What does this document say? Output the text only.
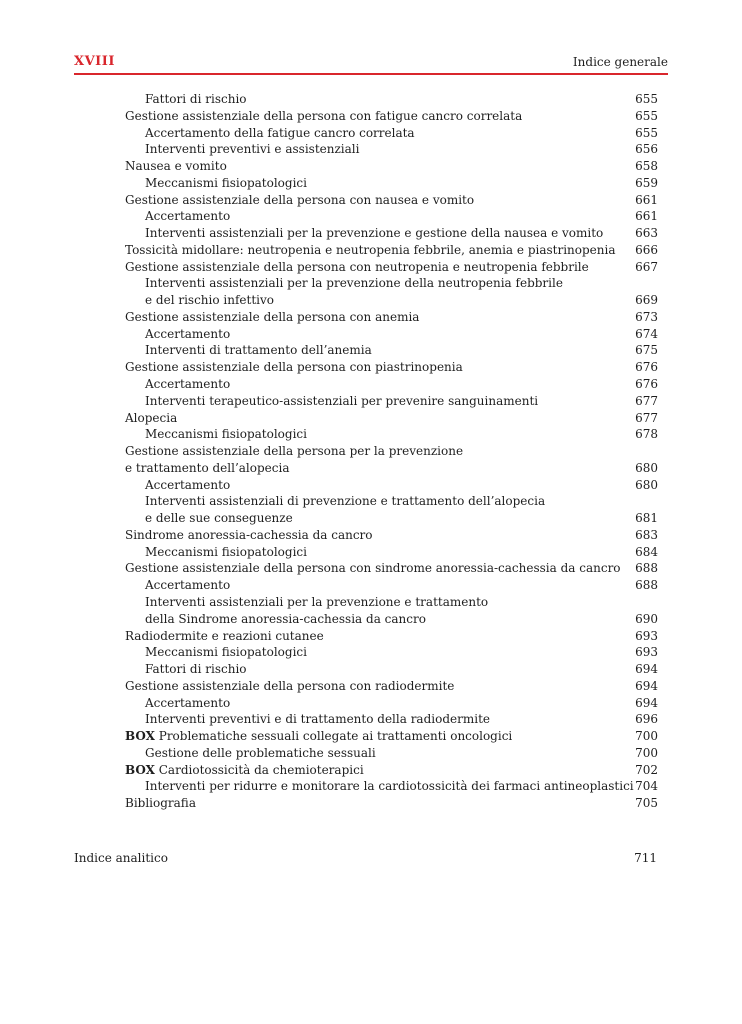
XVIII	Indice generale
Fattori di rischio	655
Gestione assistenziale della persona con fatigue cancro correlata	655
Accertamento della fatigue cancro correlata	655
Interventi preventivi e assistenziali	656
Nausea e vomito	658
Meccanismi fisiopatologici	659
Gestione assistenziale della persona con nausea e vomito	661
Accertamento	661
Interventi assistenziali per la prevenzione e gestione della nausea e vomito	663
Tossicità midollare: neutropenia e neutropenia febbrile, anemia e piastrinopenia 666
Gestione assistenziale della persona con neutropenia e neutropenia febbrile	667
Interventi assistenziali per la prevenzione della neutropenia febbrile
e del rischio infettivo	669
Gestione assistenziale della persona con anemia	673
Accertamento	674
Interventi di trattamento dell’anemia	675
Gestione assistenziale della persona con piastrinopenia	676
Accertamento	676
Interventi terapeutico-assistenziali per prevenire sanguinamenti	677
Alopecia	677
Meccanismi fisiopatologici	678
Gestione assistenziale della persona per la prevenzione
e trattamento dell’alopecia	680
Accertamento	680
Interventi assistenziali di prevenzione e trattamento dell’alopecia
e delle sue conseguenze	681
Sindrome anoressia-cachessia da cancro	683
Meccanismi fisiopatologici	684
Gestione assistenziale della persona con sindrome anoressia-cachessia da cancro 688
Accertamento	688
Interventi assistenziali per la prevenzione e trattamento
della Sindrome anoressia-cachessia da cancro	690
Radiodermite e reazioni cutanee	693
Meccanismi fisiopatologici	693
Fattori di rischio	694
Gestione assistenziale della persona con radiodermite	694
Accertamento	694
Interventi preventivi e di trattamento della radiodermite	696
BOX Problematiche sessuali collegate ai trattamenti oncologici	700
Gestione delle problematiche sessuali	700
BOX Cardiotossicità da chemioterapici	702
Interventi per ridurre e monitorare la cardiotossicità dei farmaci antineoplastici 704
Bibliografia	705
Indice analitico	711
